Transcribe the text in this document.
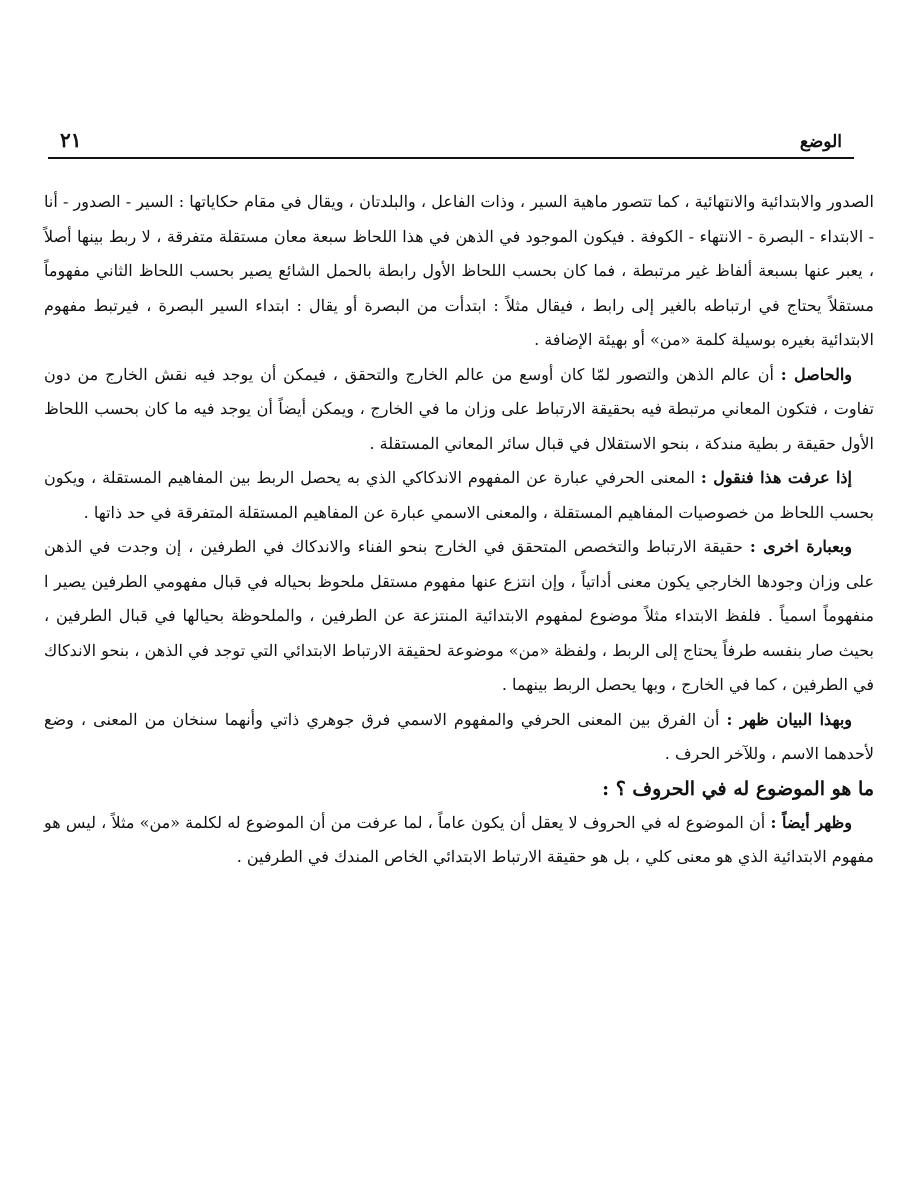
الوضع
٢١

الصدور والابتدائية والانتهائية ، كما تتصور ماهية السير ، وذات الفاعل ، والبلدتان ، ويقال في مقام حكاياتها : السير - الصدور - أنا - الابتداء - البصرة - الانتهاء - الكوفة . فيكون الموجود في الذهن في هذا اللحاظ سبعة معان مستقلة متفرقة ، لا ربط بينها أصلاً ، يعبر عنها بسبعة ألفاظ غير مرتبطة ، فما كان بحسب اللحاظ الأول رابطة بالحمل الشائع يصير بحسب اللحاظ الثاني مفهوماً مستقلاً يحتاج في ارتباطه بالغير إلى رابط ، فيقال مثلاً : ابتدأت من البصرة أو يقال : ابتداء السير البصرة ، فيرتبط مفهوم الابتدائية بغيره بوسيلة كلمة «من» أو بهيئة الإضافة .

والحاصل : أن عالم الذهن والتصور لمّا كان أوسع من عالم الخارج والتحقق ، فيمكن أن يوجد فيه نقش الخارج من دون تفاوت ، فتكون المعاني مرتبطة فيه بحقيقة الارتباط على وزان ما في الخارج ، ويمكن أيضاً أن يوجد فيه ما كان بحسب اللحاظ الأول حقيقة ر بطية مندكة ، بنحو الاستقلال في قبال سائر المعاني المستقلة .

إذا عرفت هذا فنقول : المعنى الحرفي عبارة عن المفهوم الاندكاكي الذي به يحصل الربط بين المفاهيم المستقلة ، ويكون بحسب اللحاظ من خصوصيات المفاهيم المستقلة ، والمعنى الاسمي عبارة عن المفاهيم المستقلة المتفرقة في حد ذاتها .

وبعبارة اخرى : حقيقة الارتباط والتخصص المتحقق في الخارج بنحو الفناء والاندكاك في الطرفين ، إن وجدت في الذهن على وزان وجودها الخارجي يكون معنى أداتياً ، وإن انتزع عنها مفهوم مستقل ملحوظ بحياله في قبال مفهومي الطرفين يصير ا منفهوماً اسمياً . فلفظ الابتداء مثلاً موضوع لمفهوم الابتدائية المنتزعة عن الطرفين ، والملحوظة بحيالها في قبال الطرفين ، بحيث صار بنفسه طرفاً يحتاج إلى الربط ، ولفظة «من» موضوعة لحقيقة الارتباط الابتدائي التي توجد في الذهن ، بنحو الاندكاك في الطرفين ، كما في الخارج ، وبها يحصل الربط بينهما .

وبهذا البيان ظهر : أن الفرق بين المعنى الحرفي والمفهوم الاسمي فرق جوهري ذاتي وأنهما سنخان من المعنى ، وضع لأحدهما الاسم ، وللآخر الحرف .

ما هو الموضوع له في الحروف ؟ :

وظهر أيضاً : أن الموضوع له في الحروف لا يعقل أن يكون عاماً ، لما عرفت من أن الموضوع له لكلمة «من» مثلاً ، ليس هو مفهوم الابتدائية الذي هو معنى كلي ، بل هو حقيقة الارتباط الابتدائي الخاص المندك في الطرفين .
